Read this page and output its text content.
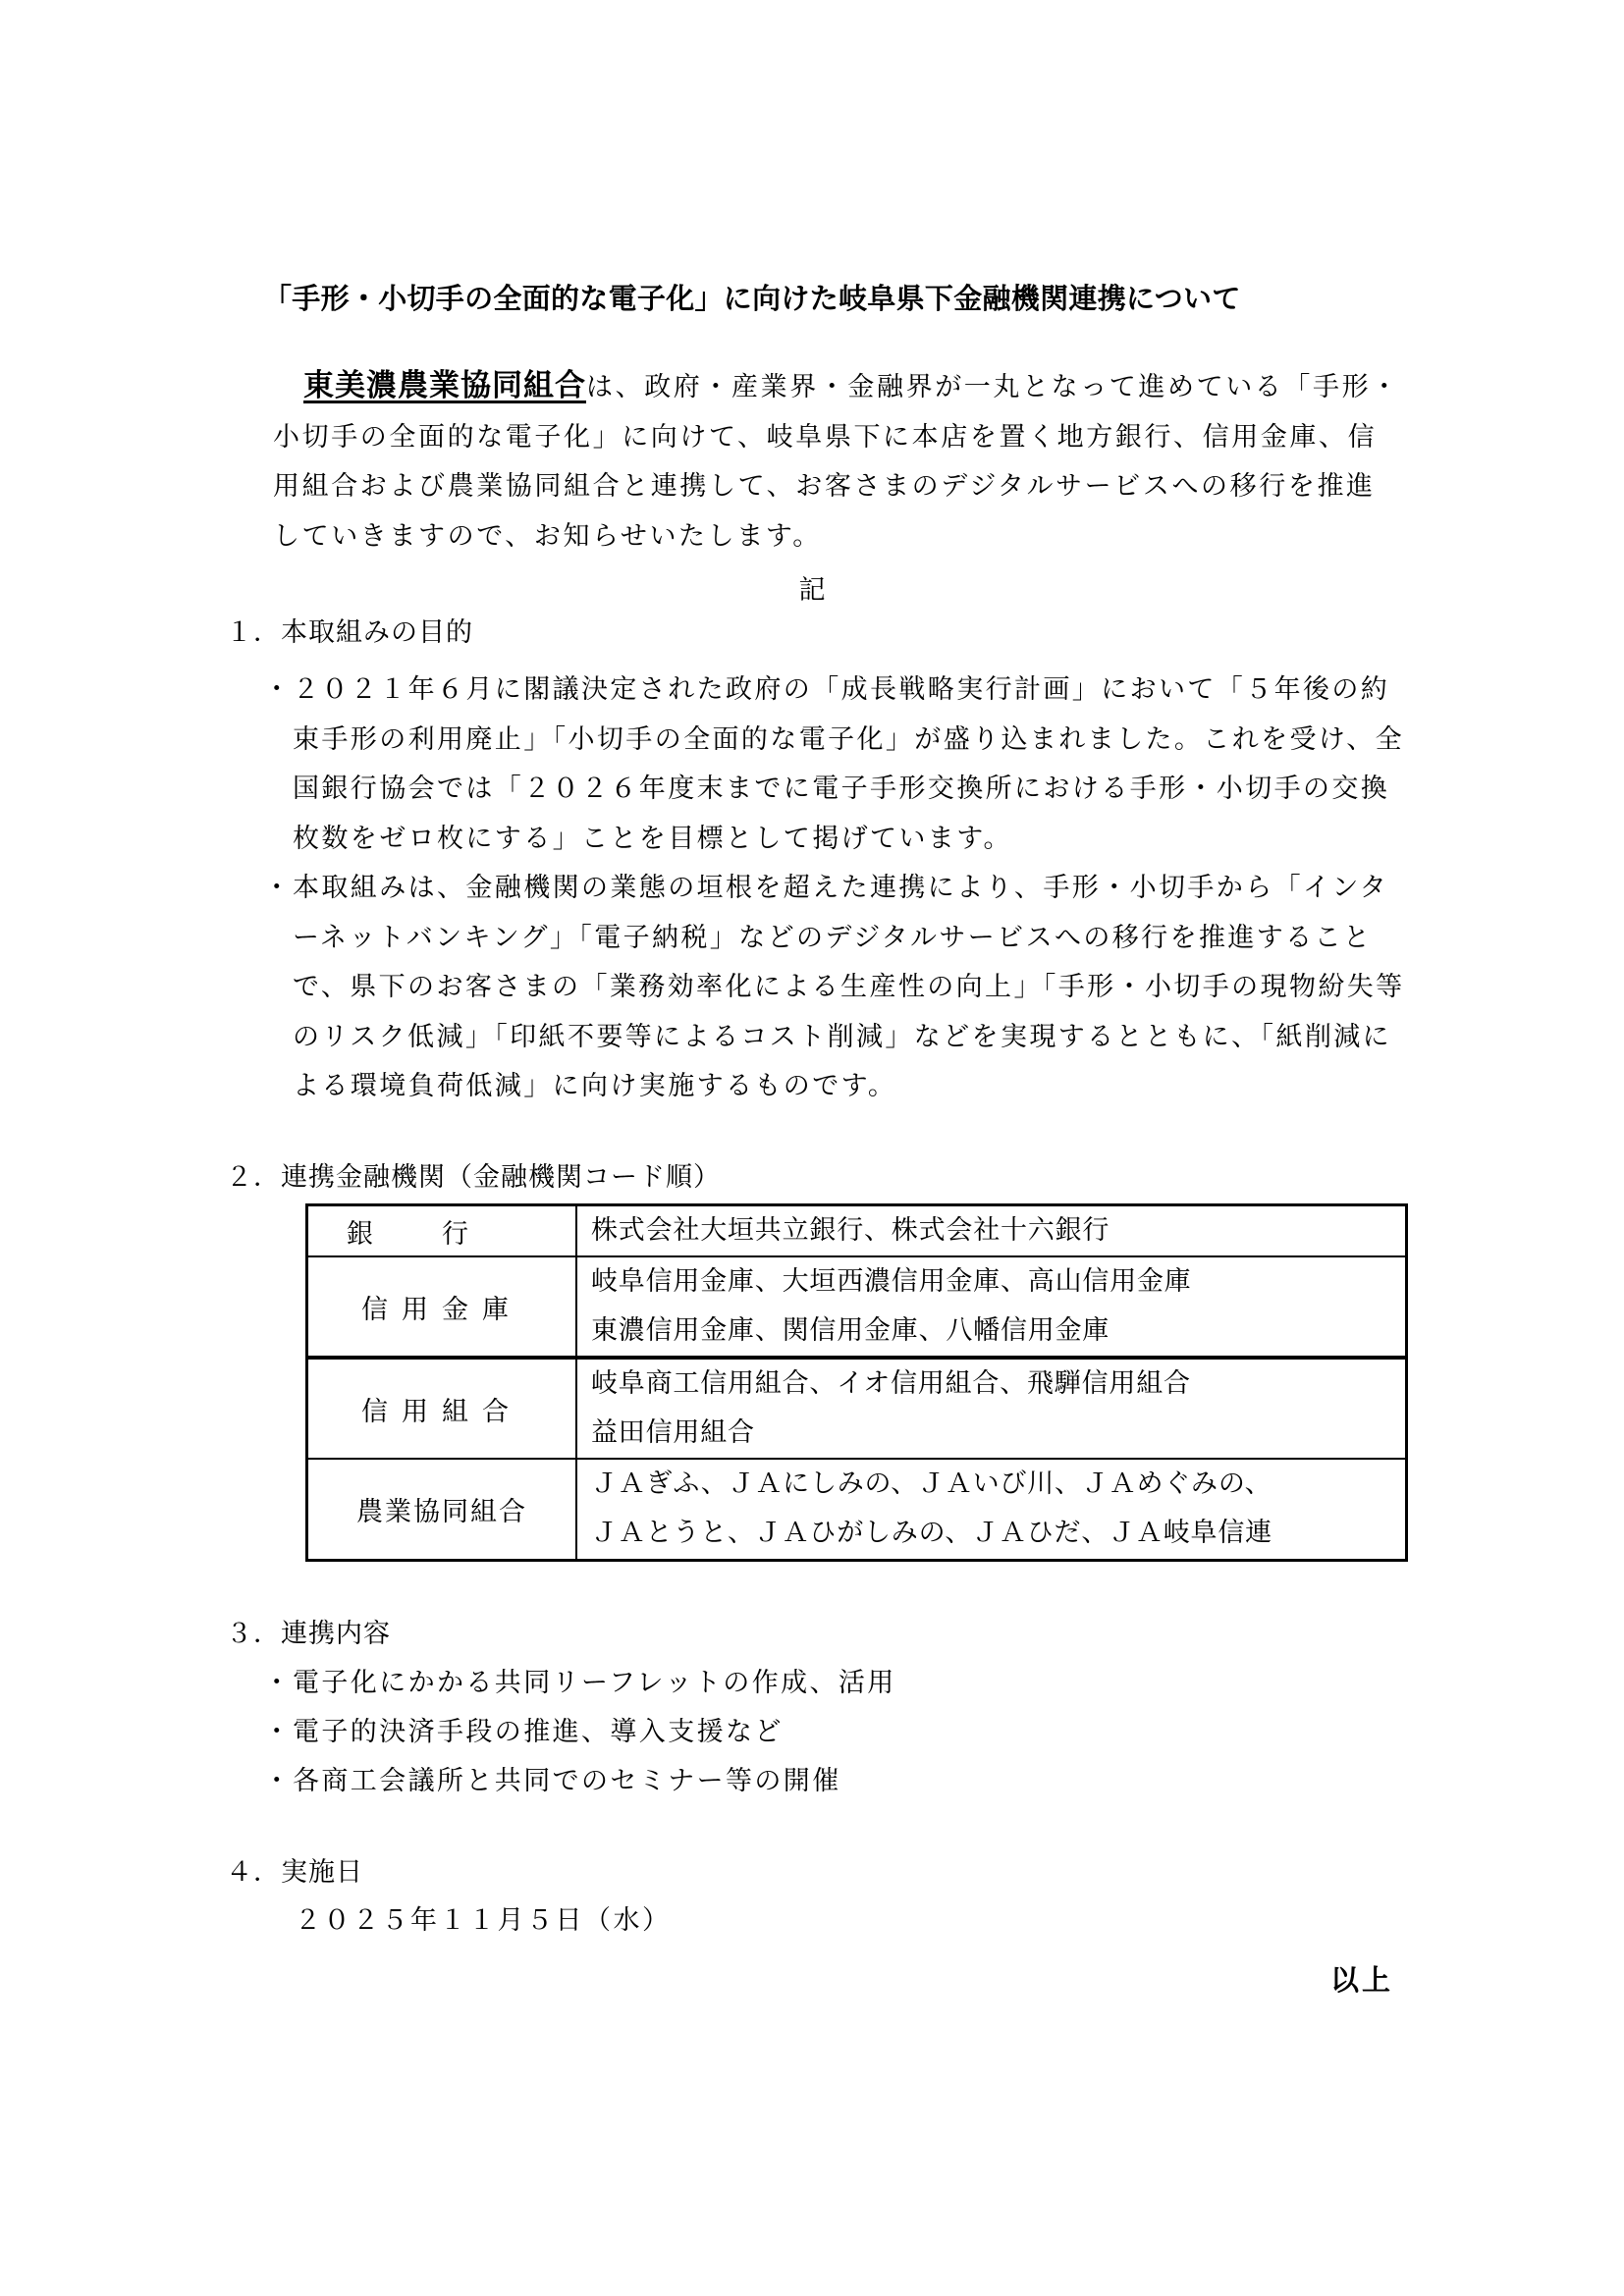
「手形・小切手の全面的な電子化」に向けた岐阜県下金融機関連携について
東美濃農業協同組合は、政府・産業界・金融界が一丸となって進めている「手形・小切手の全面的な電子化」に向けて、岐阜県下に本店を置く地方銀行、信用金庫、信用組合および農業協同組合と連携して、お客さまのデジタルサービスへの移行を推進していきますので、お知らせいたします。
記
１．本取組みの目的
・２０２１年６月に閣議決定された政府の「成長戦略実行計画」において「５年後の約束手形の利用廃止」「小切手の全面的な電子化」が盛り込まれました。これを受け、全国銀行協会では「２０２６年度末までに電子手形交換所における手形・小切手の交換枚数をゼロ枚にする」ことを目標として掲げています。
・本取組みは、金融機関の業態の垣根を超えた連携により、手形・小切手から「インターネットバンキング」「電子納税」などのデジタルサービスへの移行を推進することで、県下のお客さまの「業務効率化による生産性の向上」「手形・小切手の現物紛失等のリスク低減」「印紙不要等によるコスト削減」などを実現するとともに、「紙削減による環境負荷低減」に向け実施するものです。
２．連携金融機関（金融機関コード順）
銀行	株式会社大垣共立銀行、株式会社十六銀行

信用金庫	岐阜信用金庫、大垣西濃信用金庫、高山信用金庫
東濃信用金庫、関信用金庫、八幡信用金庫

信用組合	岐阜商工信用組合、イオ信用組合、飛騨信用組合
益田信用組合

農業協同組合	ＪＡぎふ、ＪＡにしみの、ＪＡいび川、ＪＡめぐみの、
ＪＡとうと、ＪＡひがしみの、ＪＡひだ、ＪＡ岐阜信連
３．連携内容
・電子化にかかる共同リーフレットの作成、活用
・電子的決済手段の推進、導入支援など
・各商工会議所と共同でのセミナー等の開催
４．実施日
２０２５年１１月５日（水）
以上
